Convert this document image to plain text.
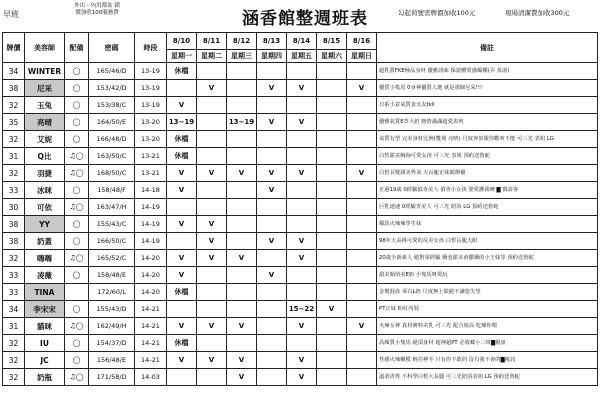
早班
外出 - 內用都盆 鎖
價加收100服務費	涵香館整週班表	勾起荷號需牌價加收100元	現場清潔費加收300元
牌價	美容師	配備	密碼	時段	8/10	8/11	8/12	8/13	8/14	8/15	8/16	備註
					星期一	星期二	星期三	星期四	星期五	星期六	星期日	
34	WINTER	◯	165/46/D	13-19	休檔							超乳質FKE極品身材 優雅誘味 保證體愛感爆棚(弄 茶湯)
38	尼采	◯	153/42/D	13-19		V		V	V		V	優質小隻馬 0身神優質人選 就是那個尼采!!!
32	玉兔	◯	153/38/C	13-19	V							日系小意氣質食女友fell
35	亮晴	◯	164/50/E	13-20	13~19		13~19	V	V			優雅氣質E罩大奶 熱情滿滿超愛表列
32	艾妮	◯	166/48/D	13-20	休檔							氣質有型 完美身材比例(雙飛 亮晴) 尺度奔放服你歡爽不能 可三光 表姐 LG
31	Q比	♫◯	163/50/C	13-21	休檔							白皙甜美胸淘可愛女孩 可三光 表姐 預約送魯蛇
32	羽捷	♫◯	168/50/C	13-21	V	V	V	V	V		V	白皙長髮甜美秀氣 大長腿正妹顏撩優
33	冰咪	◯	158/48/F	14-18	V			V				正港19歲 0經驗偵查美人 偵查小女孩 要愛護我唷 ▇ 徵壽客
30	可依	♫◯	163/47/H	14-19								巨乳速速 0經驗青美人 可三光 陪浴 LG 預約送魯蛇
38	YY	◯	155/43/C	14-19	V	V						爆款火辣辣學生妹
38	奶蓋	◯	166/50/C	14-19		V		V	V			98年大高挑可愛的反差女孩 白皙長腿大眼
32	嗨嗨	♫◯	165/52/C	14-20	V	V	V		V			20歲全新素人 絕對零經驗 嬌羞甜美會撒嬌的小王妹等 預約送魯蛇
33	凌薇	◯	158/48/E	14-20	V			V				甜美顏值美E奶 小隻馬呀愛玩
33	TINA		172/60/L	14-20	休檔							金髮混血 零白L奶 尺度無上限絕不讓您失望
34	李宋宋	◯	155/43/D	14-21					15~22	V		PT正妹 粉紅內裝
31	貓咪	♫◯	162/49/H	14-21	V	V	V		V		V	火辣女神 真材實料美乳 可三光 配合度高 吃辣你喂
32	IU	◯	154/37/D	14-21	休檔							高顏質小隻馬 絕頂身材 超神超PT 必收藏小三班▇視訊
32	JC	◯	156/48/E	14-21	V	V	V		V			性感火辣嫩模 輕功神手 只有你不敢的 沒有我不會的▇視訊
32	奶瓶	♫◯	171/58/D	14-03			V		V			溫柔清秀 不科學白皙大長腿 可三光陪浴表姐 LG 預約送魯蛇
